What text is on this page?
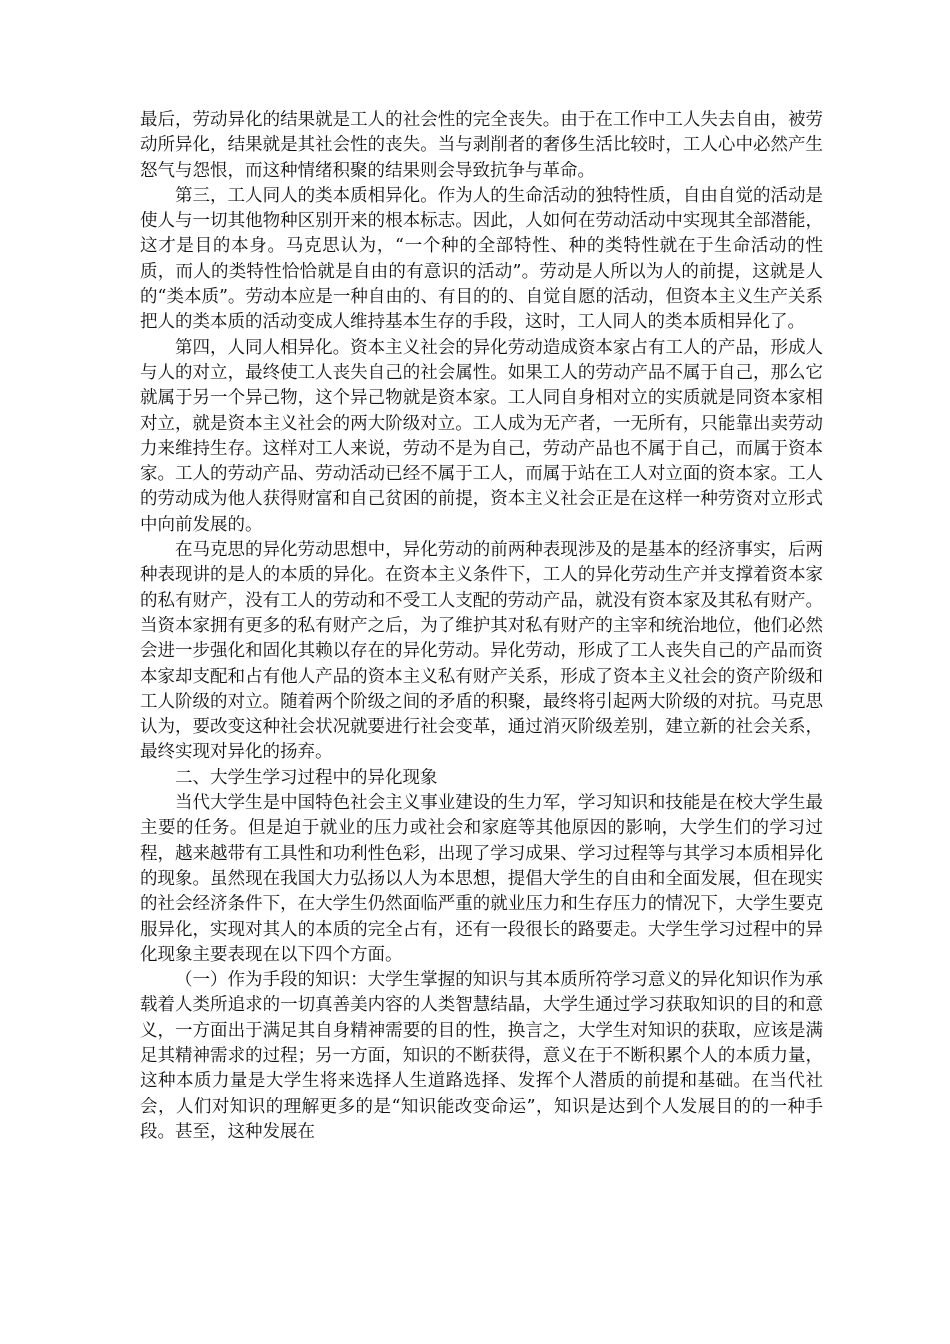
最后，劳动异化的结果就是工人的社会性的完全丧失。由于在工作中工人失去自由，被劳动所异化，结果就是其社会性的丧失。当与剥削者的奢侈生活比较时，工人心中必然产生怒气与怨恨，而这种情绪积聚的结果则会导致抗争与革命。

第三，工人同人的类本质相异化。作为人的生命活动的独特性质，自由自觉的活动是使人与一切其他物种区别开来的根本标志。因此，人如何在劳动活动中实现其全部潜能，这才是目的本身。马克思认为，“一个种的全部特性、种的类特性就在于生命活动的性质，而人的类特性恰恰就是自由的有意识的活动”。劳动是人所以为人的前提，这就是人的“类本质”。劳动本应是一种自由的、有目的的、自觉自愿的活动，但资本主义生产关系把人的类本质的活动变成人维持基本生存的手段，这时，工人同人的类本质相异化了。

第四，人同人相异化。资本主义社会的异化劳动造成资本家占有工人的产品，形成人与人的对立，最终使工人丧失自己的社会属性。如果工人的劳动产品不属于自己，那么它就属于另一个异己物，这个异己物就是资本家。工人同自身相对立的实质就是同资本家相对立，就是资本主义社会的两大阶级对立。工人成为无产者，一无所有，只能靠出卖劳动力来维持生存。这样对工人来说，劳动不是为自己，劳动产品也不属于自己，而属于资本家。工人的劳动产品、劳动活动已经不属于工人，而属于站在工人对立面的资本家。工人的劳动成为他人获得财富和自己贫困的前提，资本主义社会正是在这样一种劳资对立形式中向前发展的。

在马克思的异化劳动思想中，异化劳动的前两种表现涉及的是基本的经济事实，后两种表现讲的是人的本质的异化。在资本主义条件下，工人的异化劳动生产并支撑着资本家的私有财产，没有工人的劳动和不受工人支配的劳动产品，就没有资本家及其私有财产。当资本家拥有更多的私有财产之后，为了维护其对私有财产的主宰和统治地位，他们必然会进一步强化和固化其赖以存在的异化劳动。异化劳动，形成了工人丧失自己的产品而资本家却支配和占有他人产品的资本主义私有财产关系，形成了资本主义社会的资产阶级和工人阶级的对立。随着两个阶级之间的矛盾的积聚，最终将引起两大阶级的对抗。马克思认为，要改变这种社会状况就要进行社会变革，通过消灭阶级差别，建立新的社会关系，最终实现对异化的扬弃。

二、大学生学习过程中的异化现象

当代大学生是中国特色社会主义事业建设的生力军，学习知识和技能是在校大学生最主要的任务。但是迫于就业的压力或社会和家庭等其他原因的影响，大学生们的学习过程，越来越带有工具性和功利性色彩，出现了学习成果、学习过程等与其学习本质相异化的现象。虽然现在我国大力弘扬以人为本思想，提倡大学生的自由和全面发展，但在现实的社会经济条件下，在大学生仍然面临严重的就业压力和生存压力的情况下，大学生要克服异化，实现对其人的本质的完全占有，还有一段很长的路要走。大学生学习过程中的异化现象主要表现在以下四个方面。

（一）作为手段的知识：大学生掌握的知识与其本质所符学习意义的异化知识作为承载着人类所追求的一切真善美内容的人类智慧结晶，大学生通过学习获取知识的目的和意义，一方面出于满足其自身精神需要的目的性，换言之，大学生对知识的获取，应该是满足其精神需求的过程；另一方面，知识的不断获得，意义在于不断积累个人的本质力量，这种本质力量是大学生将来选择人生道路选择、发挥个人潜质的前提和基础。在当代社会，人们对知识的理解更多的是“知识能改变命运”，知识是达到个人发展目的的一种手段。甚至，这种发展在
